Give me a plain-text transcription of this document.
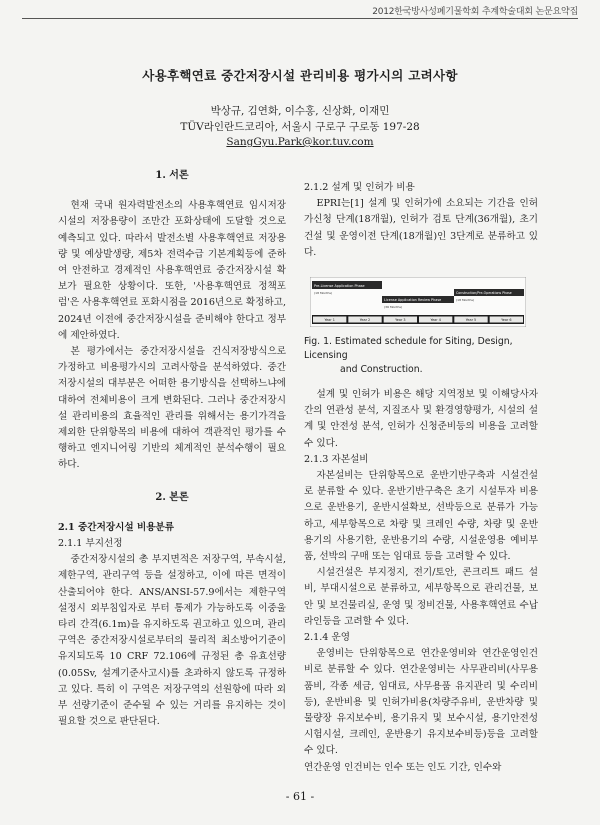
2012한국방사성폐기물학회 추계학술대회 논문요약집
사용후핵연료 중간저장시설 관리비용 평가시의 고려사항
박상규, 김연화, 이수홍, 신상화, 이재민
TÜV라인란드코리아, 서울시 구로구 구로동 197-28
SangGyu.Park@kor.tuv.com
1. 서론

현재 국내 원자력발전소의 사용후핵연료 임시저장 시설의 저장용량이 조만간 포화상태에 도달할 것으로 예측되고 있다. 따라서 발전소별 사용후핵연료 저장용량 및 예상발생량, 제5차 전력수급 기본계획등에 준하여 안전하고 경제적인 사용후핵연료 중간저장시설 확보가 필요한 상황이다. 또한, '사용후핵연료 정책포럼'은 사용후핵연료 포화시점을 2016년으로 확정하고, 2024년 이전에 중간저장시설을 준비해야 한다고 정부에 제안하였다.

본 평가에서는 중간저장시설을 건식저장방식으로 가정하고 비용평가시의 고려사항을 분석하였다. 중간저장시설의 대부분은 어떠한 용기방식을 선택하느냐에 대하여 전체비용이 크게 변화된다. 그러나 중간저장시설 관리비용의 효율적인 관리를 위해서는 용기가격을 제외한 단위항목의 비용에 대하여 객관적인 평가를 수행하고 엔지니어링 기반의 체계적인 분석수행이 필요하다.

2. 본론
2.1 중간저장시설 비용분류
2.1.1 부지선정

중간저장시설의 총 부지면적은 저장구역, 부속시설, 제한구역, 관리구역 등을 설정하고, 이에 따른 면적이 산출되어야 한다. ANS/ANSI-57.9에서는 제한구역 설정시 외부침입자로 부터 통제가 가능하도록 이중울타리 간격(6.1m)을 유지하도록 권고하고 있으며, 관리구역은 중간저장시설로부터의 물리적 최소방어기준이 유지되도록 10 CRF 72.106에 규정된 총 유효선량(0.05Sv, 설계기준사고시)를 초과하지 않도록 규정하고 있다. 특히 이 구역은 저장구역의 선원항에 따라 외부 선량기준이 준수될 수 있는 거리를 유지하는 것이 필요할 것으로 판단된다.

2.1.2 설계 및 인허가 비용

EPRI는[1] 설계 및 인허가에 소요되는 기간을 인허가신청 단계(18개월), 인허가 검토 단계(36개월), 초기건설 및 운영이전 단계(18개월)인 3단계로 분류하고 있다.

Pre-License Application Phase
(18 Months)
License Application Review Phase
(36 Months)
Construction/Pre-Operations Phase
(18 Months)
Year 1	Year 2	Year 3	Year 4	Year 5	Year 6
Fig. 1. Estimated schedule for Siting, Design, Licensing
and Construction.

설계 및 인허가 비용은 해당 지역정보 및 이해당사자간의 연관성 분석, 지질조사 및 환경영향평가, 시설의 설계 및 안전성 분석, 인허가 신청준비등의 비용을 고려할 수 있다.

2.1.3 자본설비

자본설비는 단위항목으로 운반기반구축과 시설건설로 분류할 수 있다. 운반기반구축은 초기 시설투자 비용으로 운반용기, 운반시설확보, 선박등으로 분류가 가능하고, 세부항목으로 차량 및 크레인 수량, 차량 및 운반용기의 사용기한, 운반용기의 수량, 시설운영용 예비부품, 선박의 구매 또는 임대료 등을 고려할 수 있다.

시설건설은 부지정지, 전기/토안, 콘크리트 패드 설비, 부대시설으로 분류하고, 세부항목으로 관리건물, 보안 및 보건물리실, 운영 및 정비건물, 사용후핵연료 수납라인등을 고려할 수 있다.

2.1.4 운영

운영비는 단위항목으로 연간운영비와 연간운영인건비로 분류할 수 있다. 연간운영비는 사무관리비(사무용품비, 각종 세금, 임대료, 사무용품 유지관리 및 수리비등), 운반비용 및 인허가비용(차량주유비, 운반차량 및 물량장 유지보수비, 용기유지 및 보수시설, 용기안전성 시험시설, 크레인, 운반용기 유지보수비등)등을 고려할 수 있다.

연간운영 인건비는 인수 또는 인도 기간, 인수와

- 61 -
